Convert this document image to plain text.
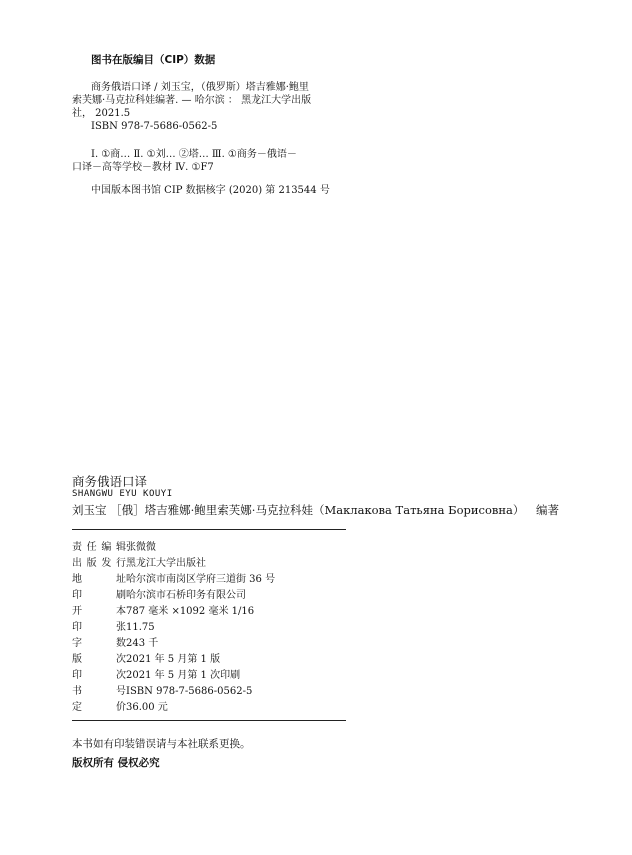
图书在版编目（CIP）数据
商务俄语口译 / 刘玉宝，（俄罗斯）塔吉雅娜·鲍里
索芙娜·马克拉科娃编著. — 哈尔滨 ： 黑龙江大学出版
社， 2021.5
ISBN 978-7-5686-0562-5
Ⅰ. ①商… Ⅱ. ①刘… ②塔… Ⅲ. ①商务－俄语－
口译－高等学校－教材 Ⅳ. ①F7
中国版本图书馆 CIP 数据核字 (2020) 第 213544 号
商务俄语口译
SHANGWU EYU KOUYI
刘玉宝 ［俄］塔吉雅娜·鲍里索芙娜·马克拉科娃（Маклакова Татьяна Борисовна） 编著
责任编辑 张微微
出版发行 黑龙江大学出版社
地址 哈尔滨市南岗区学府三道街 36 号
印刷 哈尔滨市石桥印务有限公司
开本 787 毫米 ×1092 毫米 1/16
印张 11.75
字数 243 千
版次 2021 年 5 月第 1 版
印次 2021 年 5 月第 1 次印刷
书号 ISBN 978-7-5686-0562-5
定价 36.00 元
本书如有印装错误请与本社联系更换。
版权所有 侵权必究
